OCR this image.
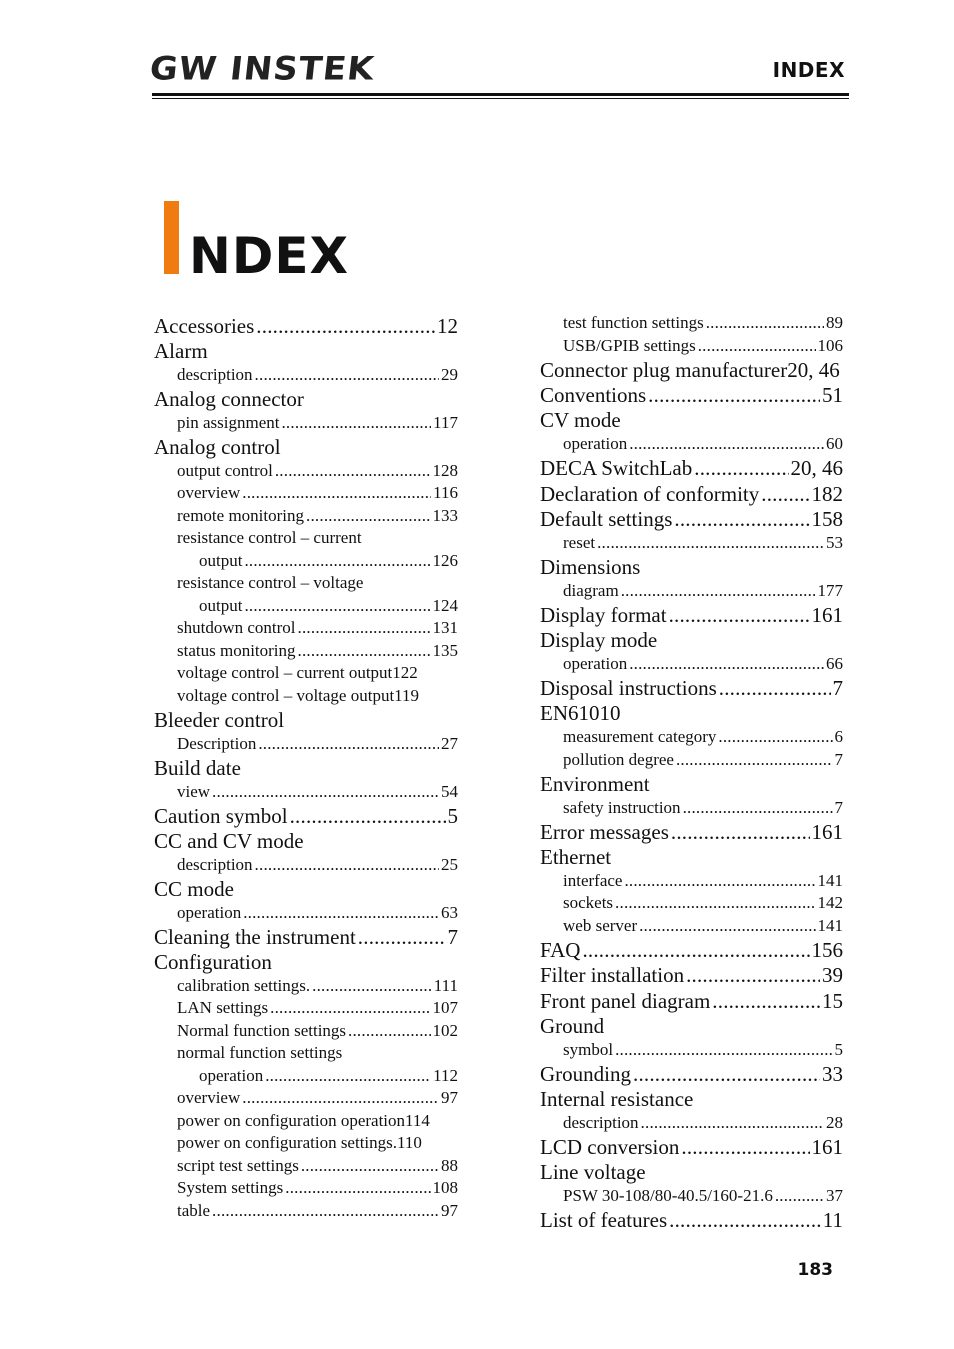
GW INSTEK	INDEX
NDEX
Accessories .....	12
Alarm
description .....	29
Analog connector
pin assignment .....	117
Analog control
output control .....	128
overview .....	116
remote monitoring .....	133
resistance control – current
output .....	126
resistance control – voltage
output .....	124
shutdown control .....	131
status monitoring .....	135
voltage control – current output122
voltage control – voltage output119
Bleeder control
Description .....	27
Build date
view .....	54
Caution symbol .....	5
CC and CV mode
description .....	25
CC mode
operation .....	63
Cleaning the instrument .....	7
Configuration
calibration settings. .....	111
LAN settings .....	107
Normal function settings .....	102
normal function settings
operation .....	112
overview .....	97
power on configuration operation114
power on configuration settings.110
script test settings .....	88
System settings .....	108
table .....	97
test function settings .....	89
USB/GPIB settings .....	106
Connector plug manufacturer20, 46
Conventions .....	51
CV mode
operation .....	60
DECA SwitchLab .....	20, 46
Declaration of conformity ..... 182
Default settings .....	158
reset .....	53
Dimensions
diagram .....	177
Display format .....	161
Display mode
operation .....	66
Disposal instructions .....	7
EN61010
measurement category .....	6
pollution degree .....	7
Environment
safety instruction .....	7
Error messages .....	161
Ethernet
interface .....	141
sockets .....	142
web server .....	141
FAQ .....	156
Filter installation .....	39
Front panel diagram .....	15
Ground
symbol .....	5
Grounding .....	33
Internal resistance
description .....	28
LCD conversion .....	161
Line voltage
PSW 30-108/80-40.5/160-21.6 .....	37
List of features .....	11
183
